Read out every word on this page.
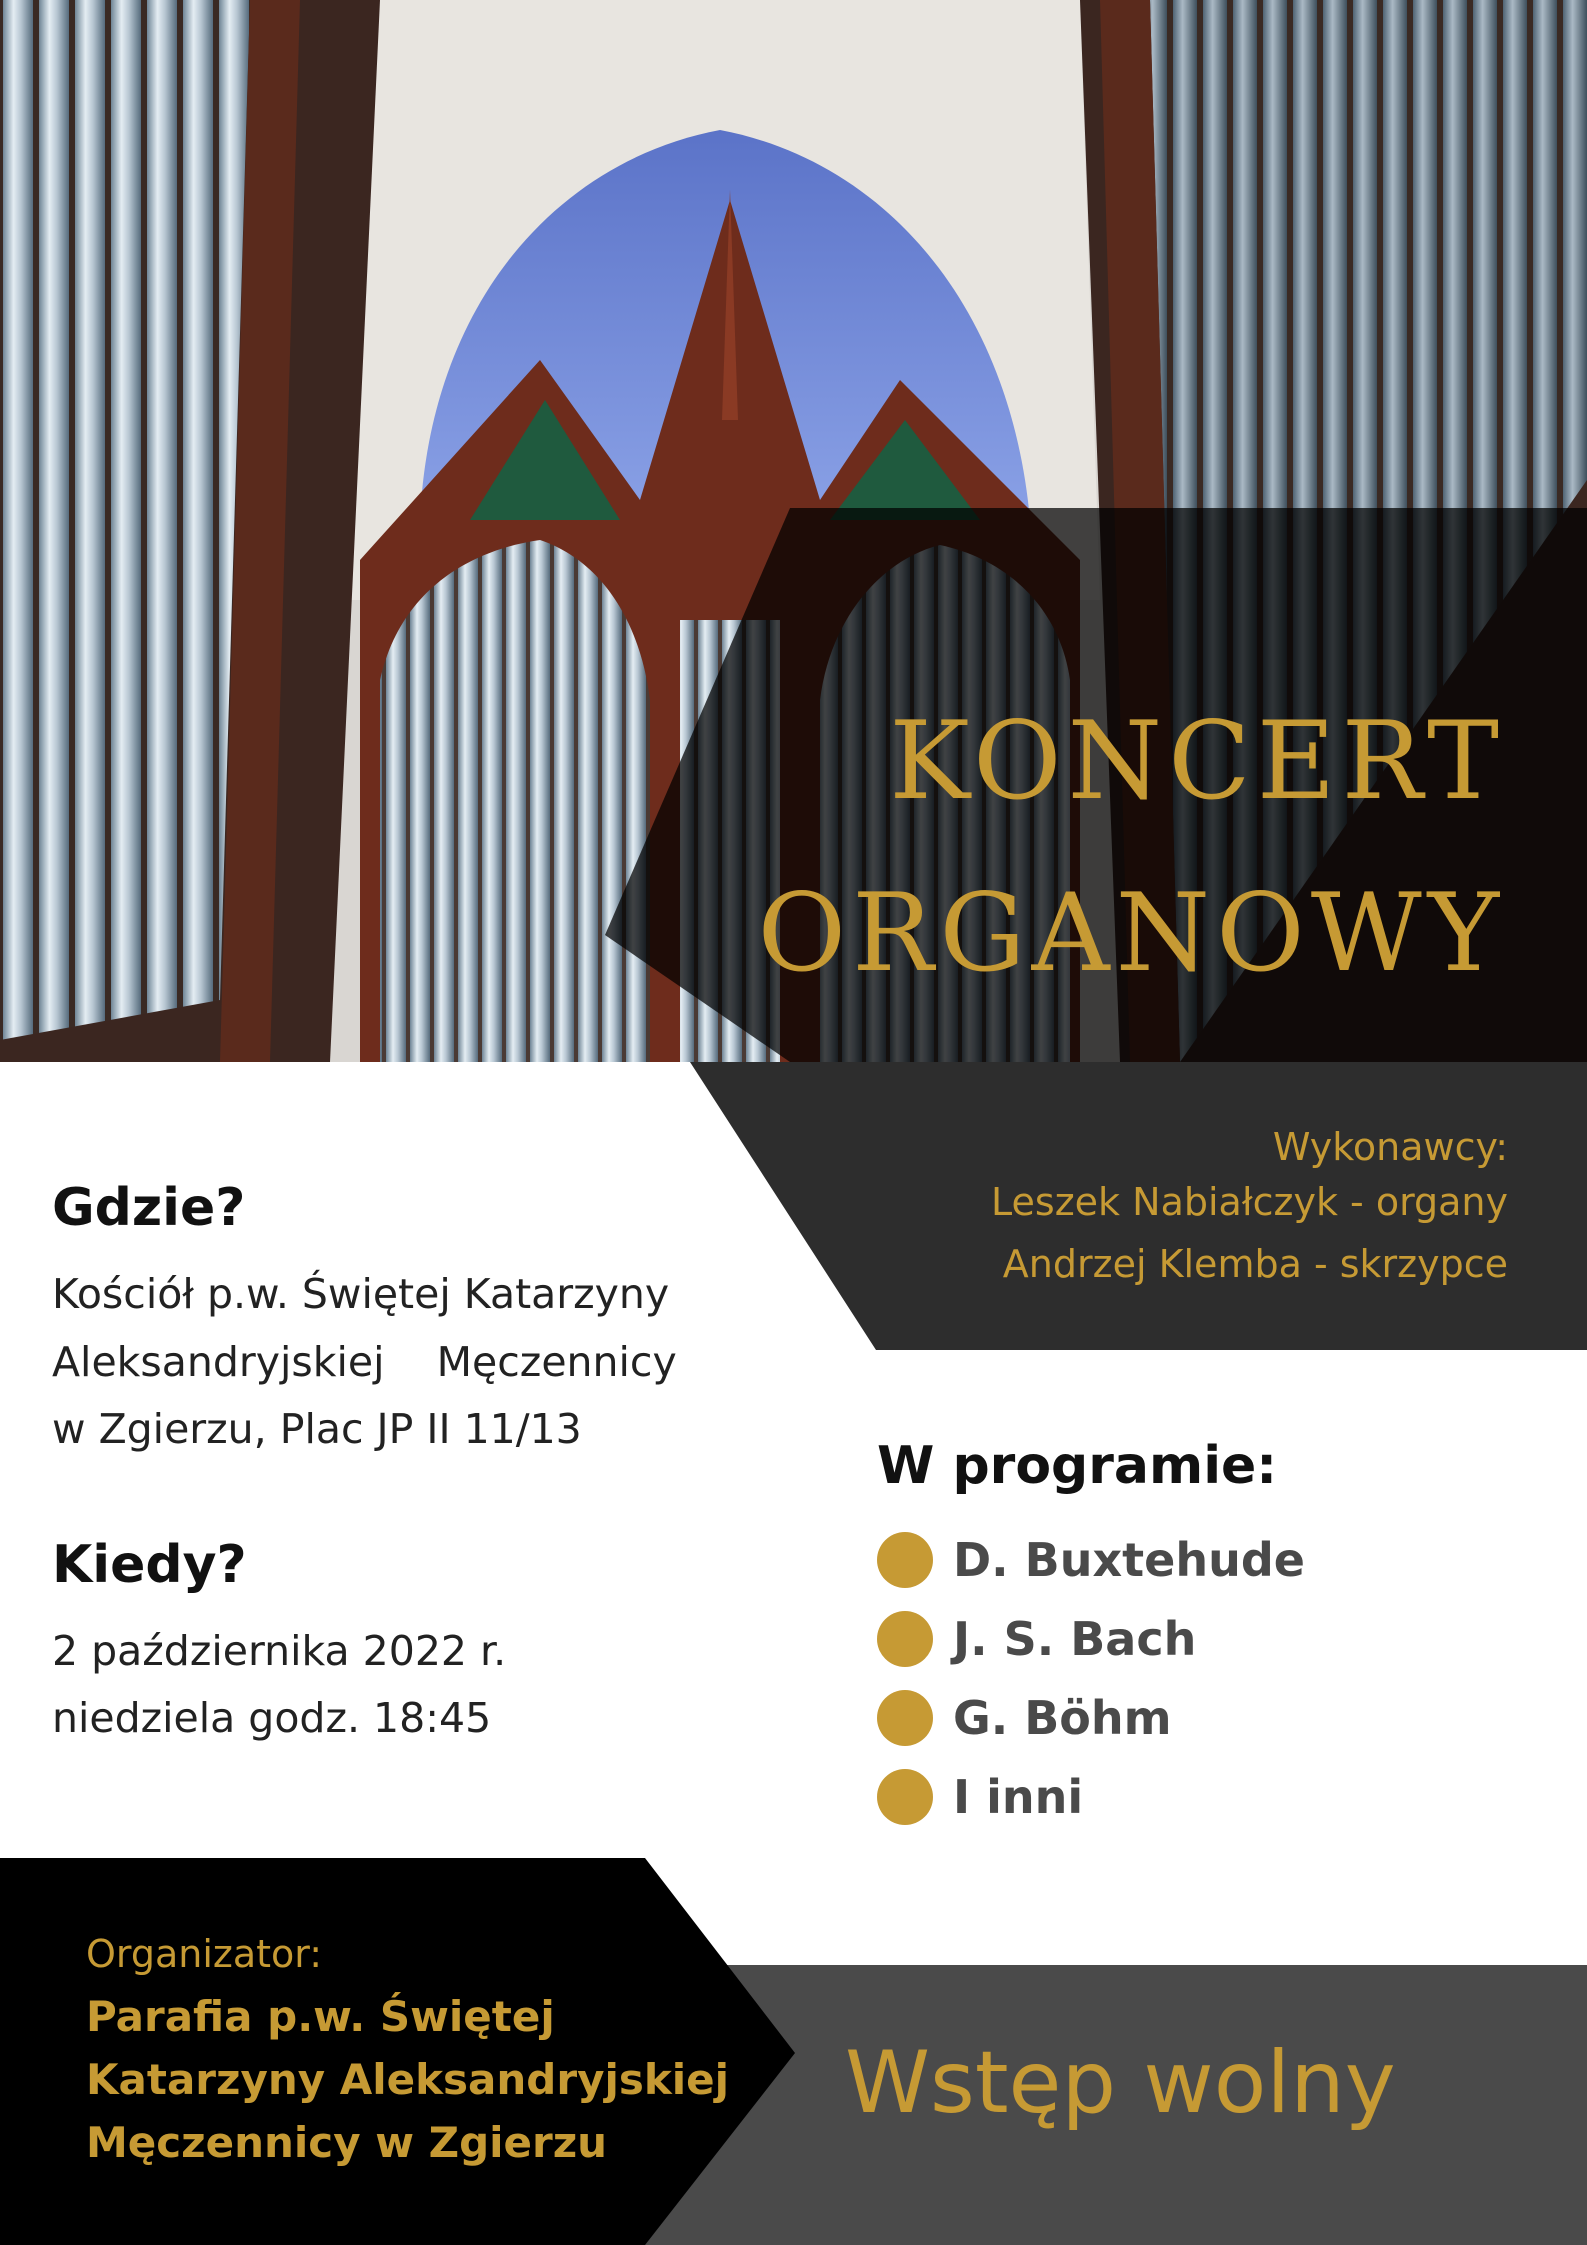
KONCERT
ORGANOWY
Wykonawcy:
Leszek Nabiałczyk - organy
Andrzej Klemba - skrzypce
Gdzie?
Kościół p.w. Świętej Katarzyny
Aleksandryjskiej    Męczennicy
w Zgierzu, Plac JP II 11/13
Kiedy?
2 października 2022 r.
niedziela godz. 18:45
W programie:
D. Buxtehude
J. S. Bach
G. Böhm
I inni
Organizator:
Parafia p.w. Świętej
Katarzyny Aleksandryjskiej
Męczennicy w Zgierzu
Wstęp wolny
